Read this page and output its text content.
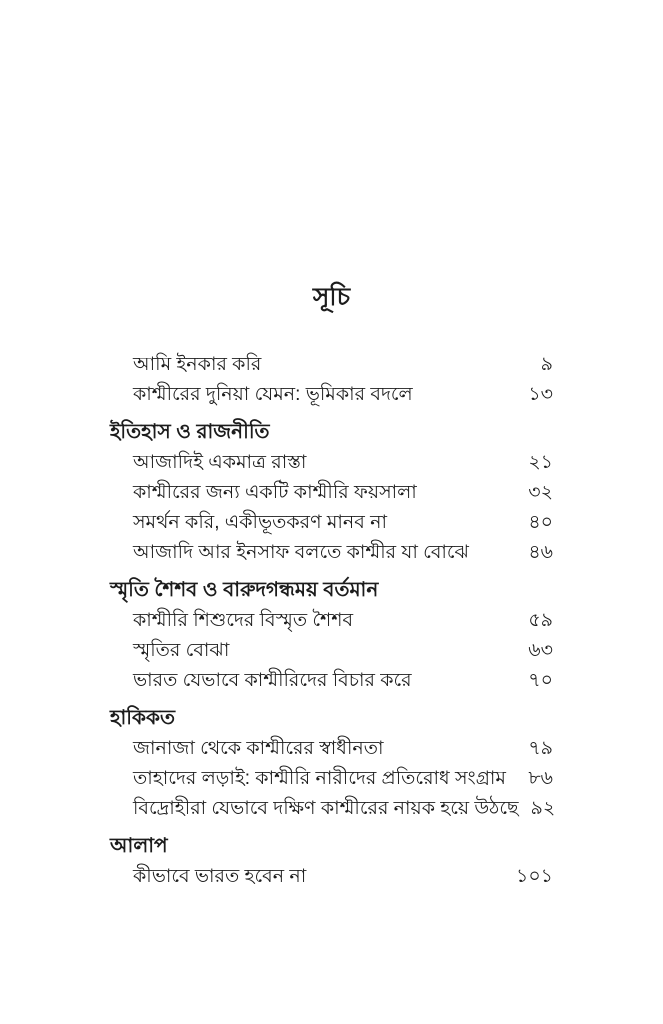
সূচি
আমি ইনকার করি	৯
কাশ্মীরের দুনিয়া যেমন: ভূমিকার বদলে	১৩
ইতিহাস ও রাজনীতি
আজাদিই একমাত্র রাস্তা	২১
কাশ্মীরের জন্য একটি কাশ্মীরি ফয়সালা	৩২
সমর্থন করি, একীভূতকরণ মানব না	৪০
আজাদি আর ইনসাফ বলতে কাশ্মীর যা বোঝে	৪৬
স্মৃতি শৈশব ও বারুদগন্ধময় বর্তমান
কাশ্মীরি শিশুদের বিস্মৃত শৈশব	৫৯
স্মৃতির বোঝা	৬৩
ভারত যেভাবে কাশ্মীরিদের বিচার করে	৭০
হাকিকত
জানাজা থেকে কাশ্মীরের স্বাধীনতা	৭৯
তাহাদের লড়াই: কাশ্মীরি নারীদের প্রতিরোধ সংগ্রাম	৮৬
বিদ্রোহীরা যেভাবে দক্ষিণ কাশ্মীরের নায়ক হয়ে উঠছে ৯২
আলাপ
কীভাবে ভারত হবেন না	১০১
